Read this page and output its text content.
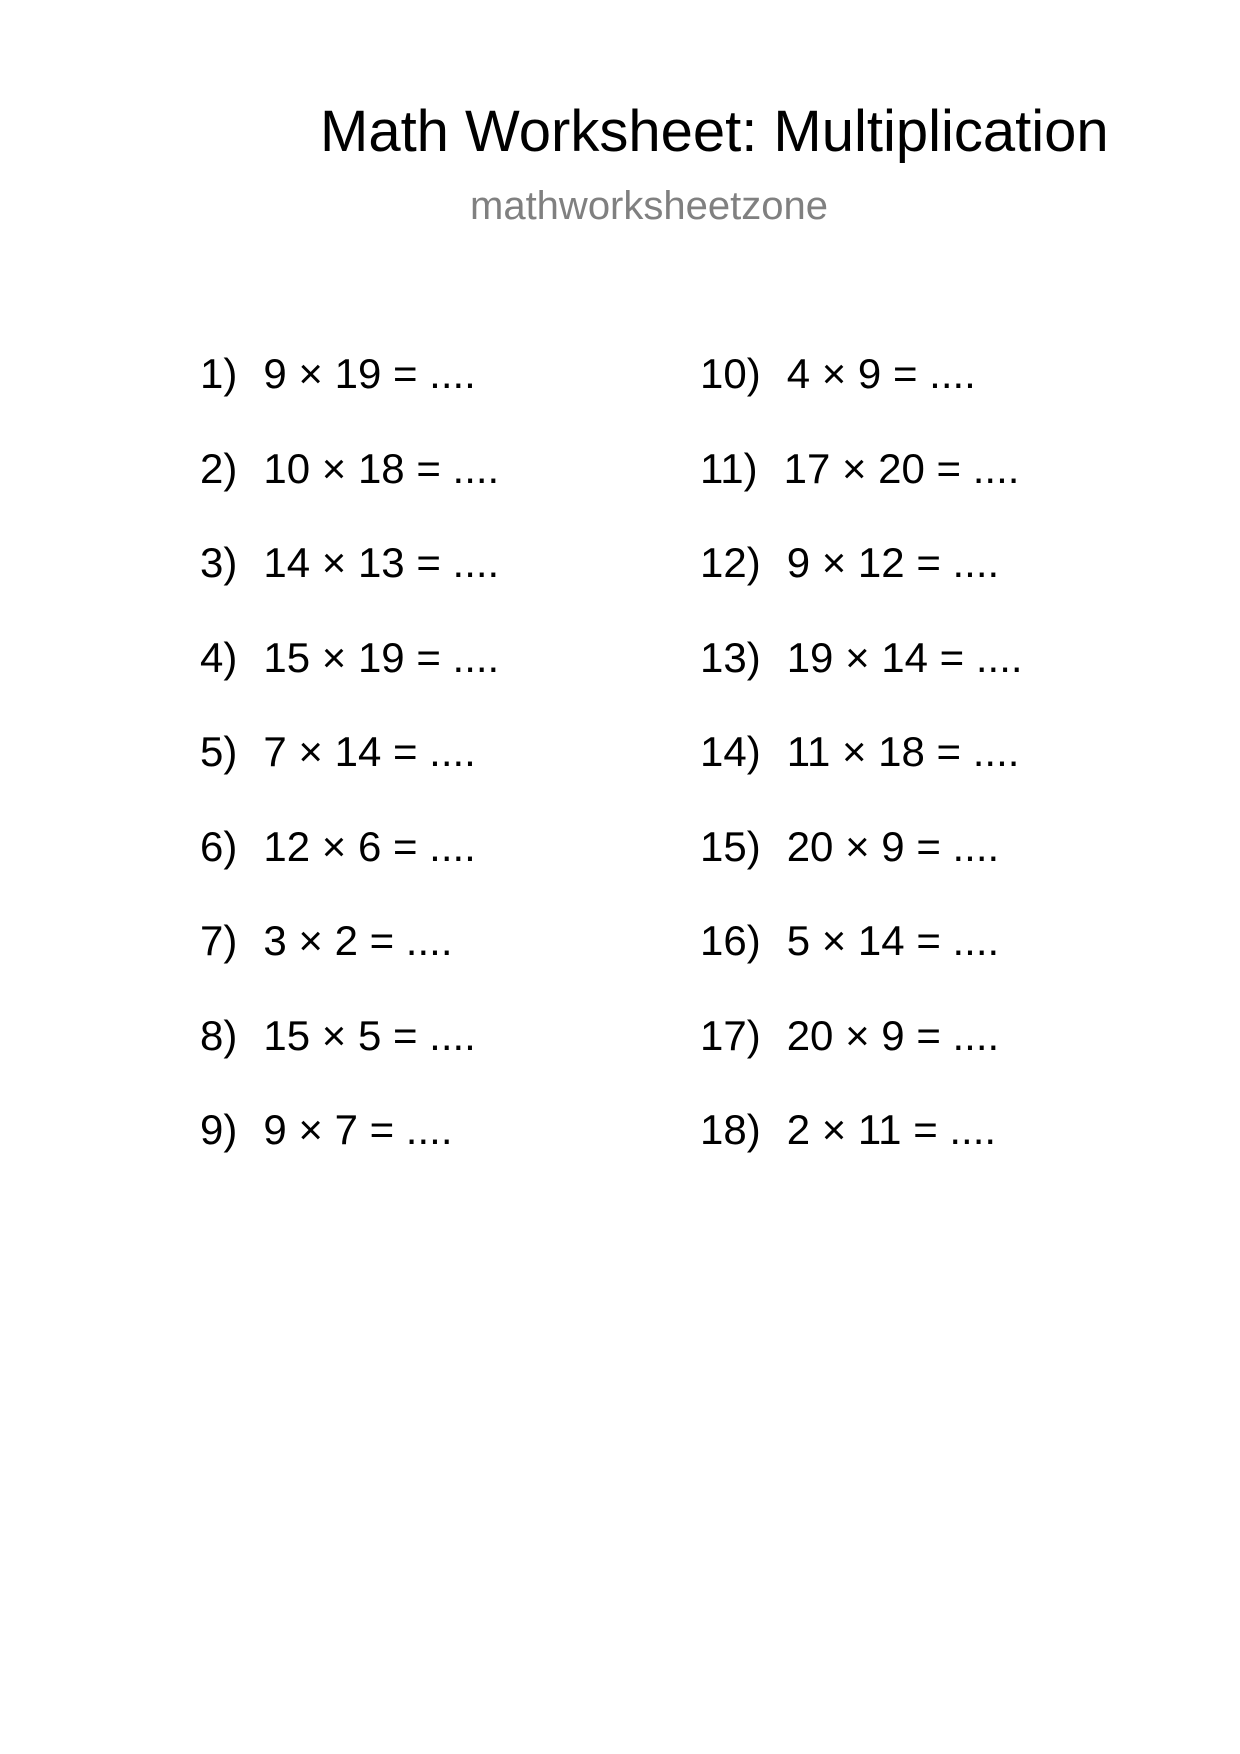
Math Worksheet: Multiplication
mathworksheetzone
1) 9 × 19 = ....
2) 10 × 18 = ....
3) 14 × 13 = ....
4) 15 × 19 = ....
5) 7 × 14 = ....
6) 12 × 6 = ....
7) 3 × 2 = ....
8) 15 × 5 = ....
9) 9 × 7 = ....
10) 4 × 9 = ....
11) 17 × 20 = ....
12) 9 × 12 = ....
13) 19 × 14 = ....
14) 11 × 18 = ....
15) 20 × 9 = ....
16) 5 × 14 = ....
17) 20 × 9 = ....
18) 2 × 11 = ....
